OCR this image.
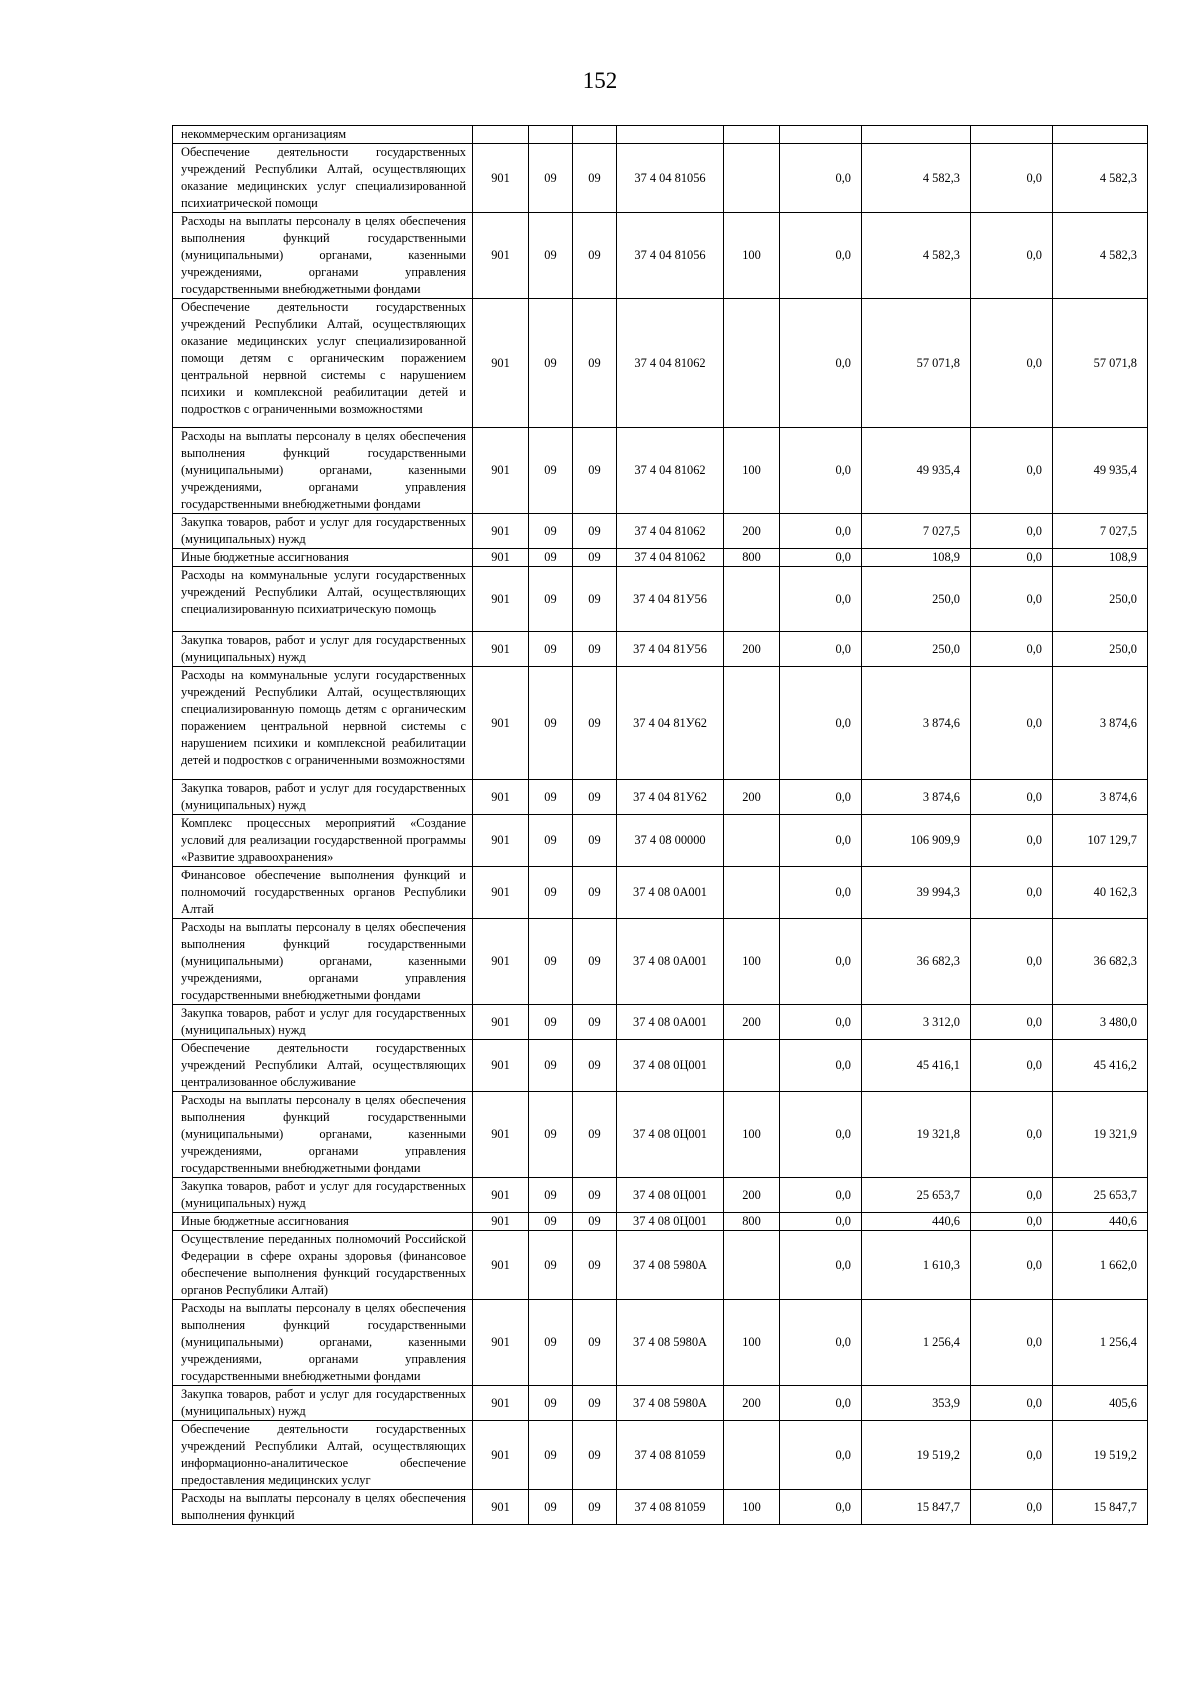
152
некоммерческим организациям									
Обеспечение деятельности государственных учреждений Республики Алтай, осуществляющих оказание медицинских услуг специализированной психиатрической помощи	901	09	09	37 4 04 81056		0,0	4 582,3	0,0	4 582,3
Расходы на выплаты персоналу в целях обеспечения выполнения функций государственными (муниципальными) органами, казенными учреждениями, органами управления государственными внебюджетными фондами	901	09	09	37 4 04 81056	100	0,0	4 582,3	0,0	4 582,3
Обеспечение деятельности государственных учреждений Республики Алтай, осуществляющих оказание медицинских услуг специализированной помощи детям с органическим поражением центральной нервной системы с нарушением психики и комплексной реабилитации детей и подростков с ограниченными возможностями	901	09	09	37 4 04 81062		0,0	57 071,8	0,0	57 071,8
Расходы на выплаты персоналу в целях обеспечения выполнения функций государственными (муниципальными) органами, казенными учреждениями, органами управления государственными внебюджетными фондами	901	09	09	37 4 04 81062	100	0,0	49 935,4	0,0	49 935,4
Закупка товаров, работ и услуг для государственных (муниципальных) нужд	901	09	09	37 4 04 81062	200	0,0	7 027,5	0,0	7 027,5
Иные бюджетные ассигнования	901	09	09	37 4 04 81062	800	0,0	108,9	0,0	108,9
Расходы на коммунальные услуги государственных учреждений Республики Алтай, осуществляющих специализированную психиатрическую помощь	901	09	09	37 4 04 81У56		0,0	250,0	0,0	250,0
Закупка товаров, работ и услуг для государственных (муниципальных) нужд	901	09	09	37 4 04 81У56	200	0,0	250,0	0,0	250,0
Расходы на коммунальные услуги государственных учреждений Республики Алтай, осуществляющих специализированную помощь детям с органическим поражением центральной нервной системы с нарушением психики и комплексной реабилитации детей и подростков с ограниченными возможностями	901	09	09	37 4 04 81У62		0,0	3 874,6	0,0	3 874,6
Закупка товаров, работ и услуг для государственных (муниципальных) нужд	901	09	09	37 4 04 81У62	200	0,0	3 874,6	0,0	3 874,6
Комплекс процессных мероприятий «Создание условий для реализации государственной программы «Развитие здравоохранения»	901	09	09	37 4 08 00000		0,0	106 909,9	0,0	107 129,7
Финансовое обеспечение выполнения функций и полномочий государственных органов Республики Алтай	901	09	09	37 4 08 0А001		0,0	39 994,3	0,0	40 162,3
Расходы на выплаты персоналу в целях обеспечения выполнения функций государственными (муниципальными) органами, казенными учреждениями, органами управления государственными внебюджетными фондами	901	09	09	37 4 08 0А001	100	0,0	36 682,3	0,0	36 682,3
Закупка товаров, работ и услуг для государственных (муниципальных) нужд	901	09	09	37 4 08 0А001	200	0,0	3 312,0	0,0	3 480,0
Обеспечение деятельности государственных учреждений Республики Алтай, осуществляющих централизованное обслуживание	901	09	09	37 4 08 0Ц001		0,0	45 416,1	0,0	45 416,2
Расходы на выплаты персоналу в целях обеспечения выполнения функций государственными (муниципальными) органами, казенными учреждениями, органами управления государственными внебюджетными фондами	901	09	09	37 4 08 0Ц001	100	0,0	19 321,8	0,0	19 321,9
Закупка товаров, работ и услуг для государственных (муниципальных) нужд	901	09	09	37 4 08 0Ц001	200	0,0	25 653,7	0,0	25 653,7
Иные бюджетные ассигнования	901	09	09	37 4 08 0Ц001	800	0,0	440,6	0,0	440,6
Осуществление переданных полномочий Российской Федерации в сфере охраны здоровья (финансовое обеспечение выполнения функций государственных органов Республики Алтай)	901	09	09	37 4 08 5980А		0,0	1 610,3	0,0	1 662,0
Расходы на выплаты персоналу в целях обеспечения выполнения функций государственными (муниципальными) органами, казенными учреждениями, органами управления государственными внебюджетными фондами	901	09	09	37 4 08 5980А	100	0,0	1 256,4	0,0	1 256,4
Закупка товаров, работ и услуг для государственных (муниципальных) нужд	901	09	09	37 4 08 5980А	200	0,0	353,9	0,0	405,6
Обеспечение деятельности государственных учреждений Республики Алтай, осуществляющих информационно-аналитическое обеспечение предоставления медицинских услуг	901	09	09	37 4 08 81059		0,0	19 519,2	0,0	19 519,2
Расходы на выплаты персоналу в целях обеспечения выполнения функций	901	09	09	37 4 08 81059	100	0,0	15 847,7	0,0	15 847,7
